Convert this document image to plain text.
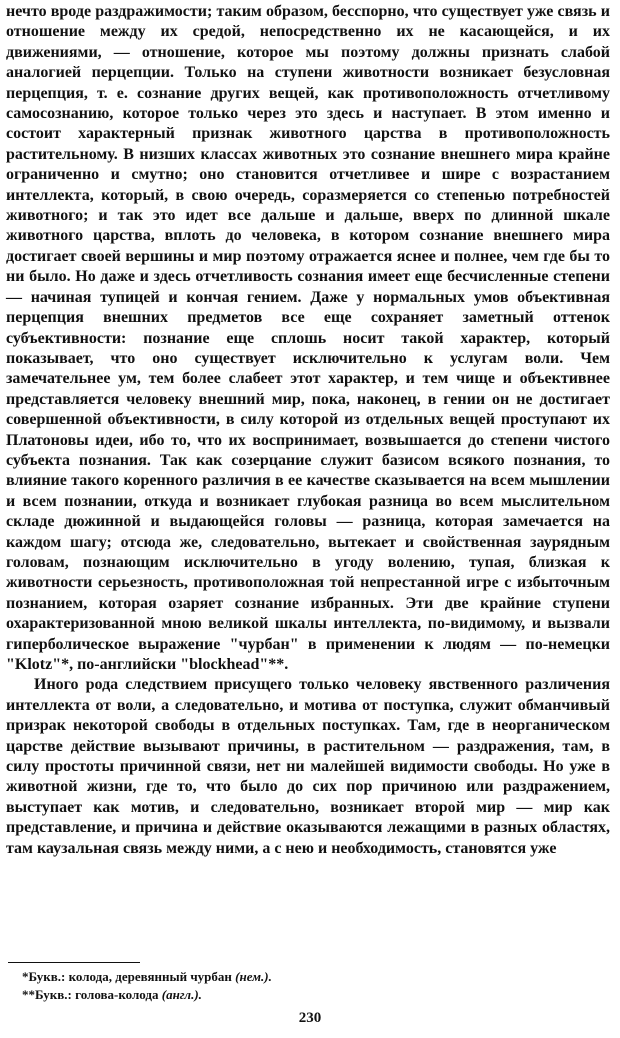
нечто вроде раздражимости; таким образом, бесспорно, что существует уже связь и отношение между их средой, непосредственно их не касающейся, и их движениями, — отношение, которое мы поэтому должны признать слабой аналогией перцепции. Только на ступени животности возникает безусловная перцепция, т. е. сознание других вещей, как противоположность отчетливому самосознанию, которое только через это здесь и наступает. В этом именно и состоит характерный признак животного царства в противоположность растительному. В низших классах животных это сознание внешнего мира крайне ограниченно и смутно; оно становится отчетливее и шире с возрастанием интеллекта, который, в свою очередь, соразмеряется со степенью потребностей животного; и так это идет все дальше и дальше, вверх по длинной шкале животного царства, вплоть до человека, в котором сознание внешнего мира достигает своей вершины и мир поэтому отражается яснее и полнее, чем где бы то ни было. Но даже и здесь отчетливость сознания имеет еще бесчисленные степени — начиная тупицей и кончая гением. Даже у нормальных умов объективная перцепция внешних предметов все еще сохраняет заметный оттенок субъективности: познание еще сплошь носит такой характер, который показывает, что оно существует исключительно к услугам воли. Чем замечательнее ум, тем более слабеет этот характер, и тем чище и объективнее представляется человеку внешний мир, пока, наконец, в гении он не достигает совершенной объективности, в силу которой из отдельных вещей проступают их Платоновы идеи, ибо то, что их воспринимает, возвышается до степени чистого субъекта познания. Так как созерцание служит базисом всякого познания, то влияние такого коренного различия в ее качестве сказывается на всем мышлении и всем познании, откуда и возникает глубокая разница во всем мыслительном складе дюжинной и выдающейся головы — разница, которая замечается на каждом шагу; отсюда же, следовательно, вытекает и свойственная заурядным головам, познающим исключительно в угоду волению, тупая, близкая к животности серьезность, противоположная той непрестанной игре с избыточным познанием, которая озаряет сознание избранных. Эти две крайние ступени охарактеризованной мною великой шкалы интеллекта, по-видимому, и вызвали гиперболическое выражение "чурбан" в применении к людям — по-немецки "Klotz"*, по-английски "blockhead"**.

Иного рода следствием присущего только человеку явственного различения интеллекта от воли, а следовательно, и мотива от поступка, служит обманчивый призрак некоторой свободы в отдельных поступках. Там, где в неорганическом царстве действие вызывают причины, в растительном — раздражения, там, в силу простоты причинной связи, нет ни малейшей видимости свободы. Но уже в животной жизни, где то, что было до сих пор причиною или раздражением, выступает как мотив, и следовательно, возникает второй мир — мир как представление, и причина и действие оказываются лежащими в разных областях, там каузальная связь между ними, а с нею и необходимость, становятся уже

*Букв.: колода, деревянный чурбан (нем.).
**Букв.: голова-колода (англ.).
230
